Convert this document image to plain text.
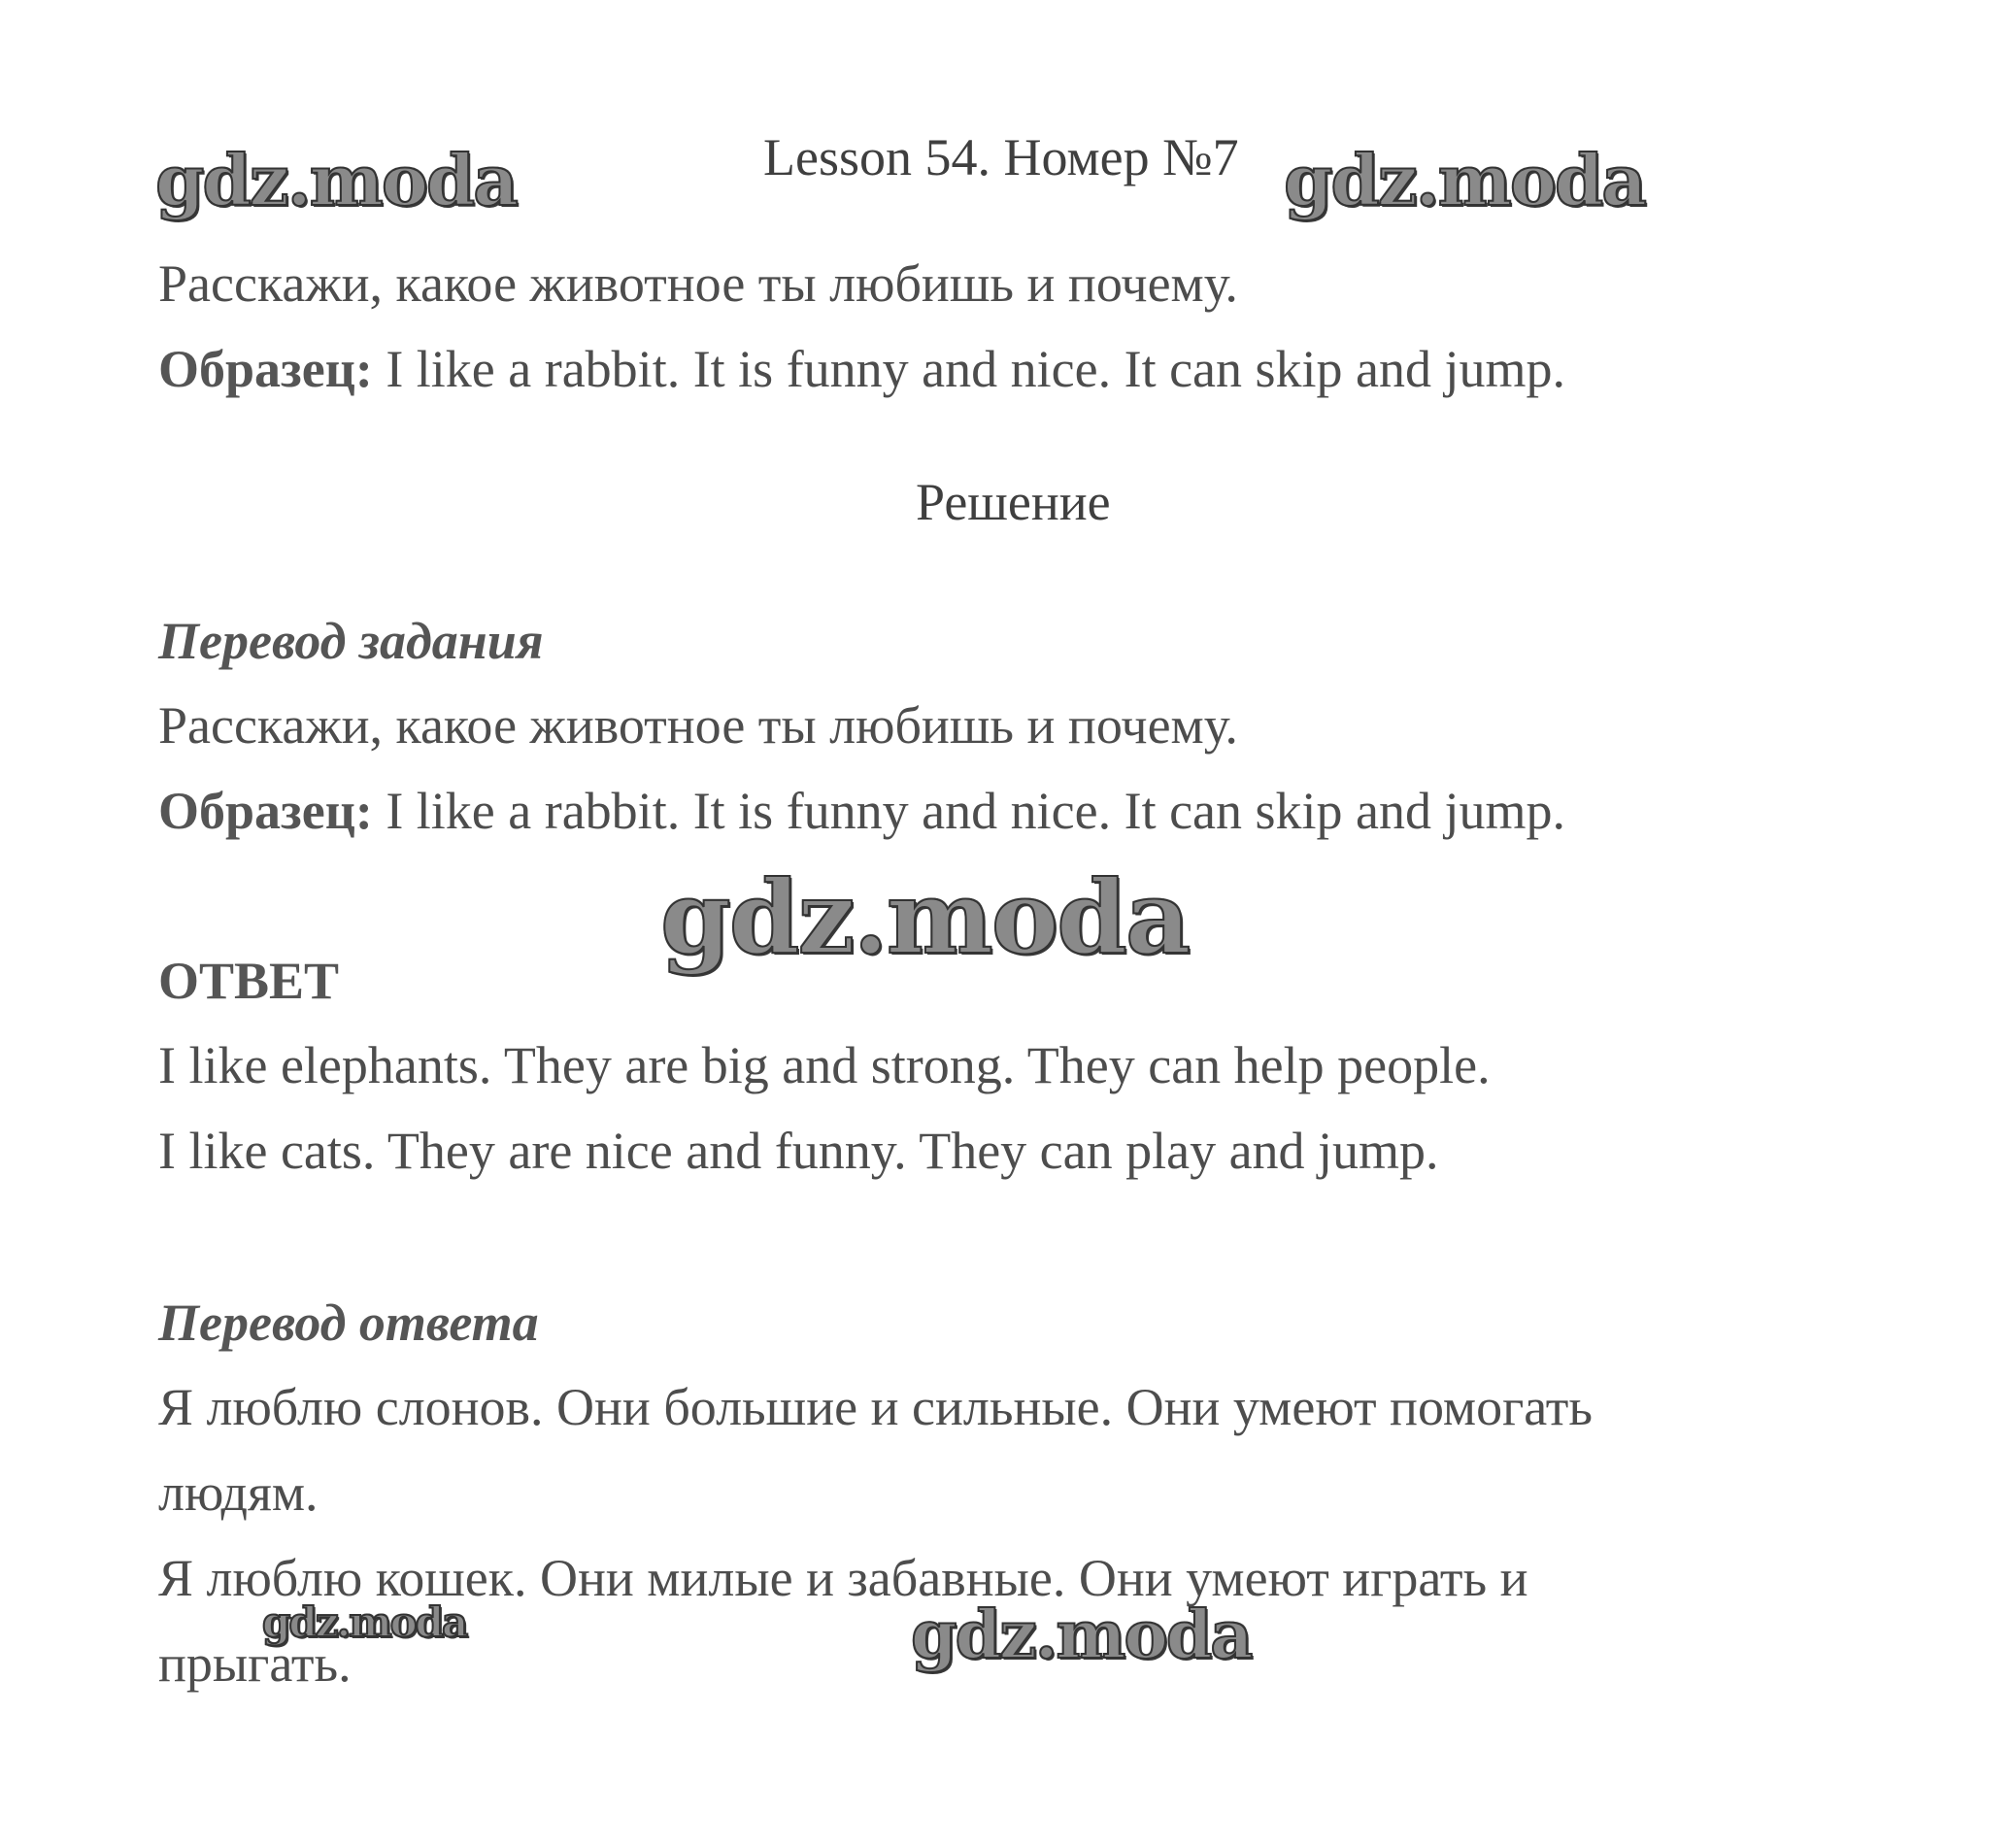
gdz.moda	gdz.moda
gdz.moda
gdz.moda	gdz.moda
Lesson 54. Номер №7
Расскажи, какое животное ты любишь и почему.
Образец: I like a rabbit. It is funny and nice. It can skip and jump.
Решение
Перевод задания
Расскажи, какое животное ты любишь и почему.
Образец: I like a rabbit. It is funny and nice. It can skip and jump.
ОТВЕТ
I like elephants. They are big and strong. They can help people.
I like cats. They are nice and funny. They can play and jump.
Перевод ответа
Я люблю слонов. Они большие и сильные. Они умеют помогать
людям.
Я люблю кошек. Они милые и забавные. Они умеют играть и
прыгать.
